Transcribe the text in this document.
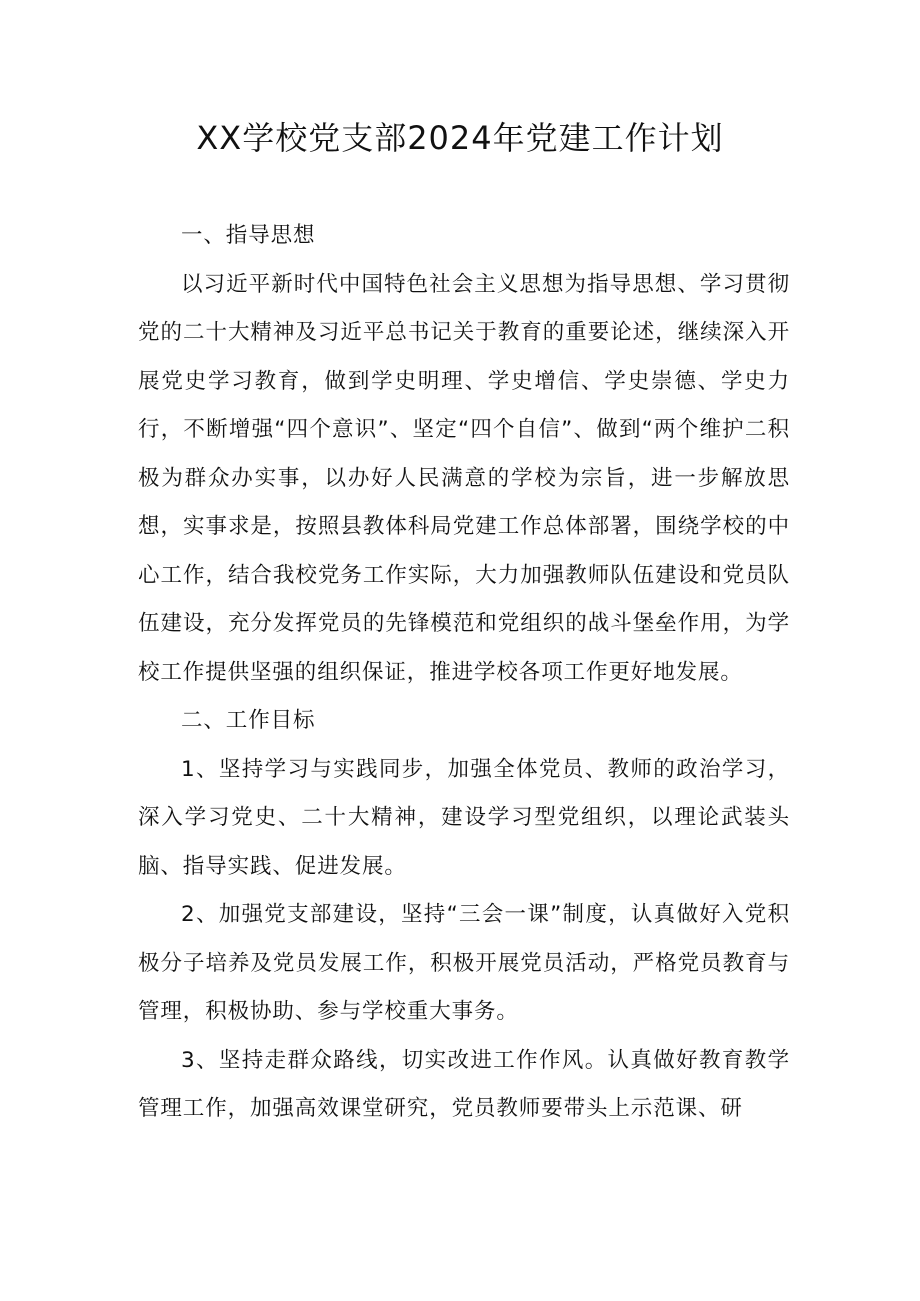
XX学校党支部2024年党建工作计划

一、指导思想

以习近平新时代中国特色社会主义思想为指导思想、学习贯彻党的二十大精神及习近平总书记关于教育的重要论述，继续深入开展党史学习教育，做到学史明理、学史增信、学史崇德、学史力行，不断增强“四个意识”、坚定“四个自信”、做到“两个维护二积极为群众办实事，以办好人民满意的学校为宗旨，进一步解放思想，实事求是，按照县教体科局党建工作总体部署，围绕学校的中心工作，结合我校党务工作实际，大力加强教师队伍建设和党员队伍建设，充分发挥党员的先锋模范和党组织的战斗堡垒作用，为学校工作提供坚强的组织保证，推进学校各项工作更好地发展。

二、工作目标

1、坚持学习与实践同步，加强全体党员、教师的政治学习，深入学习党史、二十大精神，建设学习型党组织，以理论武装头脑、指导实践、促进发展。

2、加强党支部建设，坚持“三会一课”制度，认真做好入党积极分子培养及党员发展工作，积极开展党员活动，严格党员教育与管理，积极协助、参与学校重大事务。

3、坚持走群众路线，切实改进工作作风。认真做好教育教学管理工作，加强高效课堂研究，党员教师要带头上示范课、研
